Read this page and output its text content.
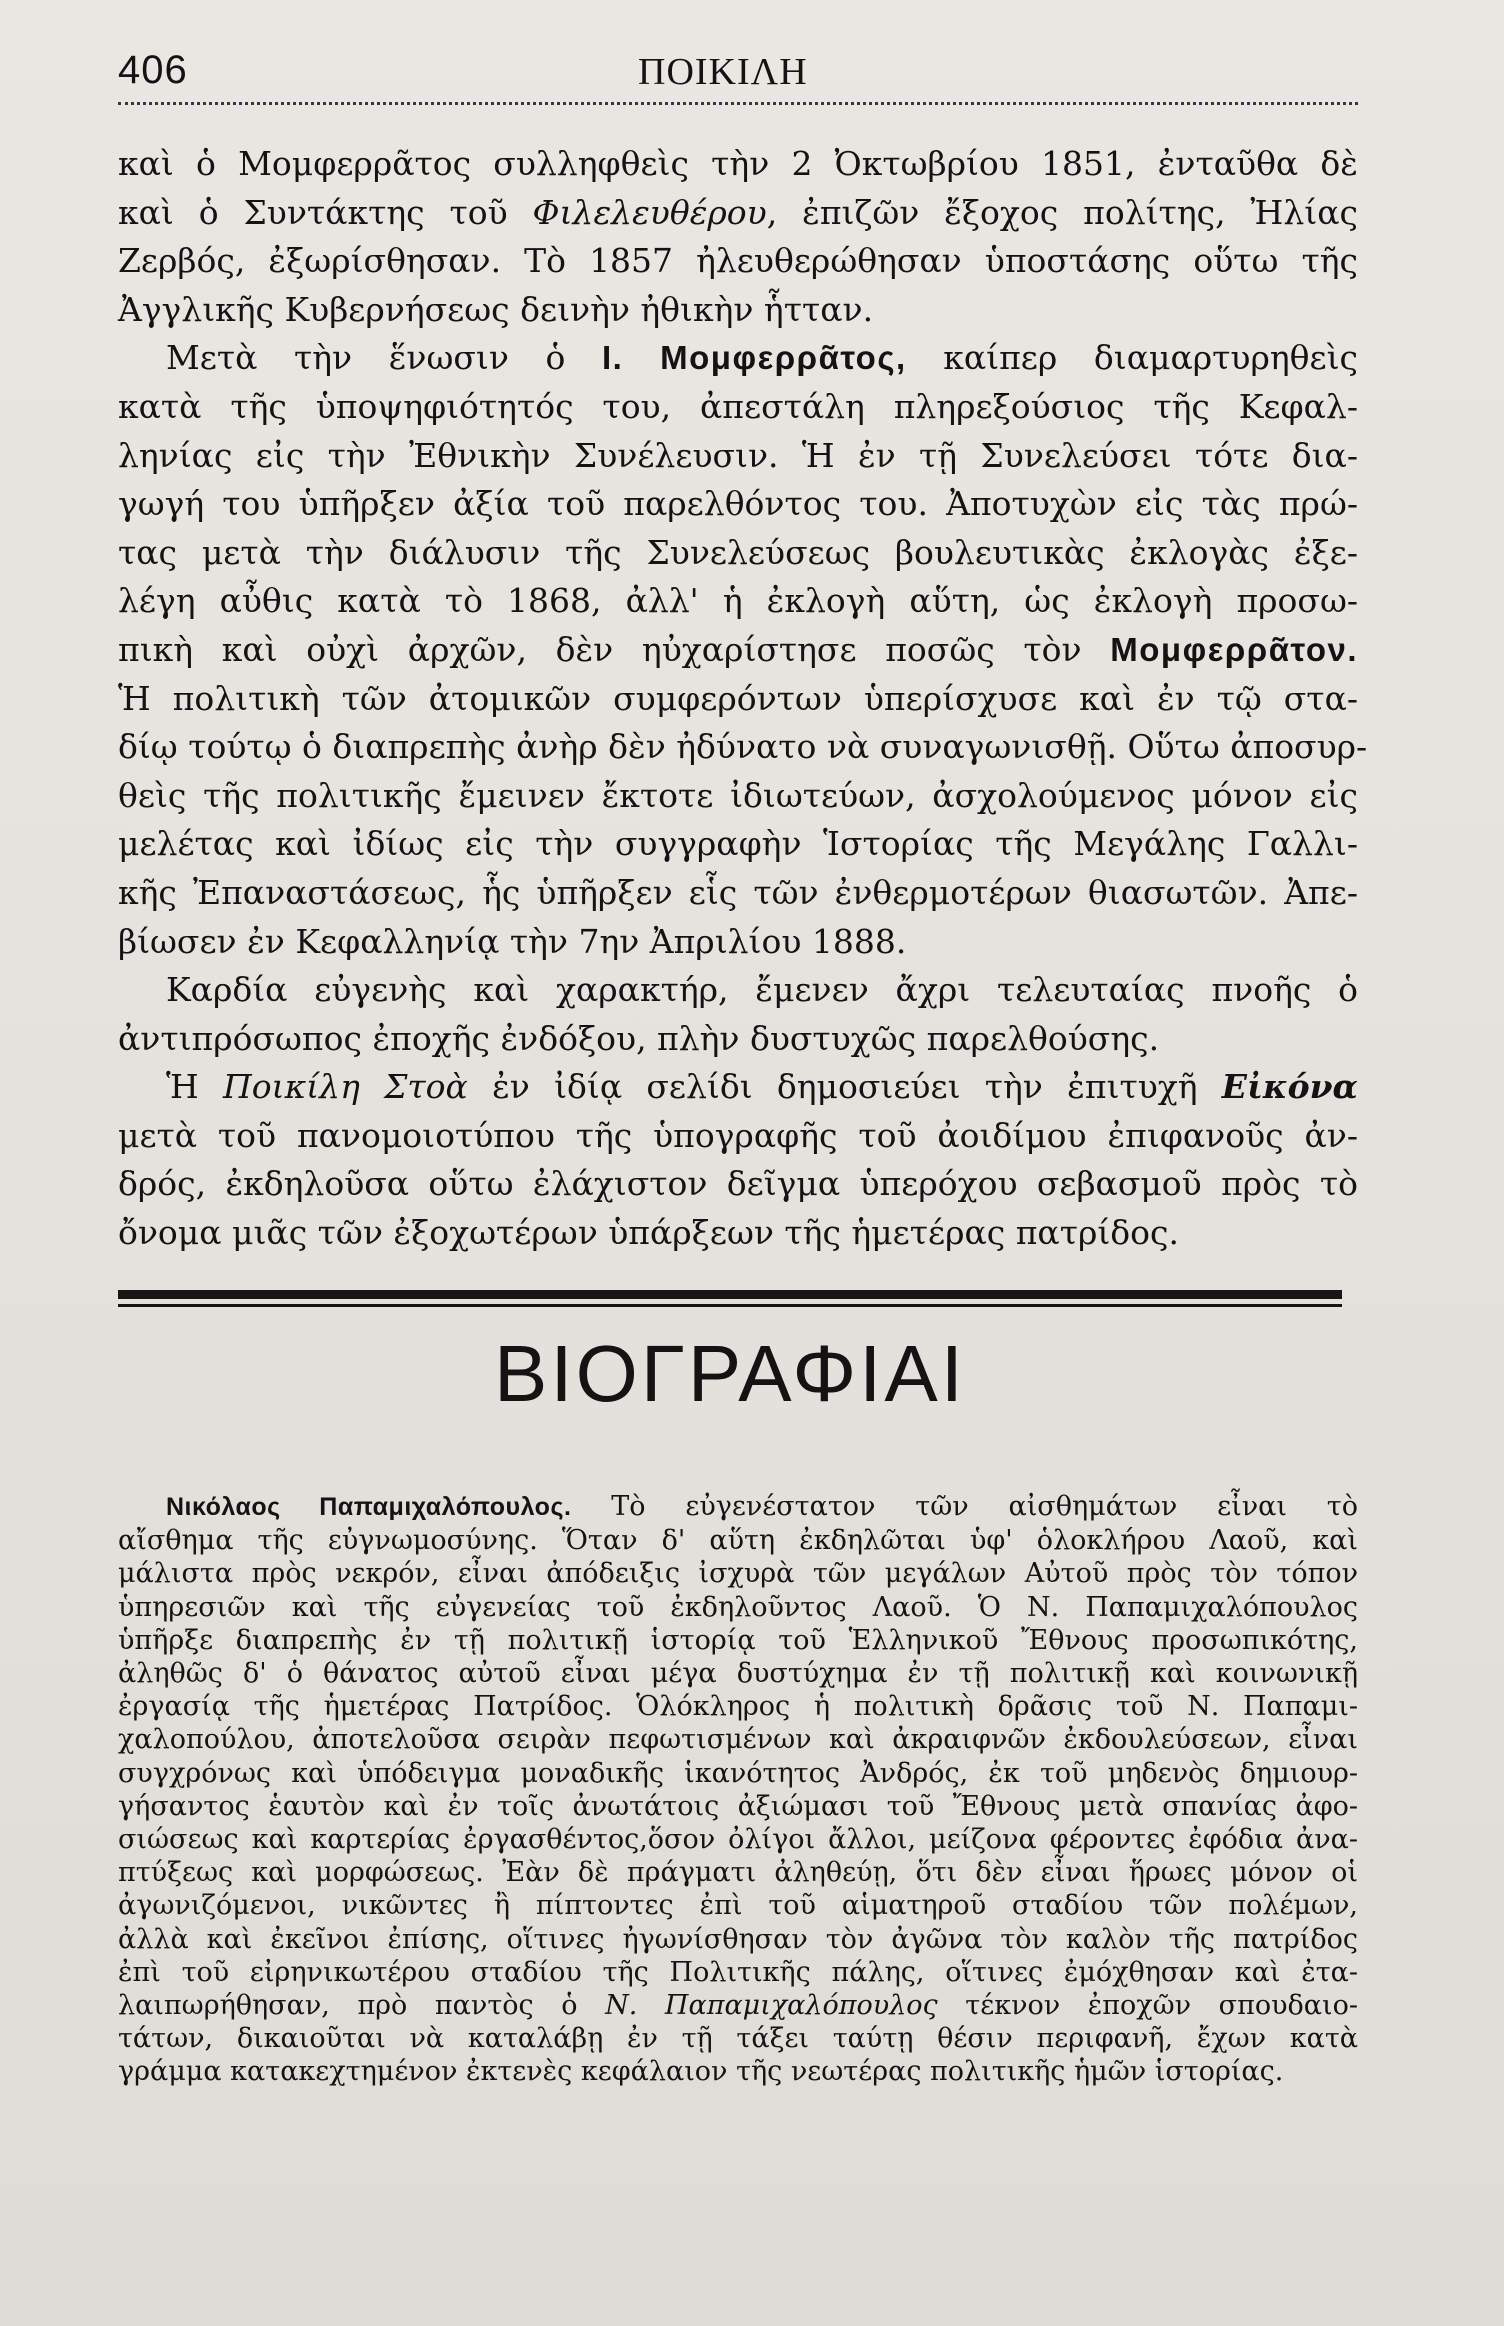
406	ΠΟΙΚΙΛΗ
καὶ ὁ Μομφερρᾶτος συλληφθεὶς τὴν 2 Ὀκτωβρίου 1851, ἐνταῦθα δὲ
καὶ ὁ Συντάκτης τοῦ Φιλελευθέρου, ἐπιζῶν ἔξοχος πολίτης, Ἠλίας
Ζερβός, ἐξωρίσθησαν. Τὸ 1857 ἠλευθερώθησαν ὑποστάσης οὕτω τῆς
Ἀγγλικῆς Κυβερνήσεως δεινὴν ἠθικὴν ἧτταν.
Μετὰ τὴν ἕνωσιν ὁ Ι. Μομφερρᾶτος, καίπερ διαμαρτυρηθεὶς
κατὰ τῆς ὑποψηφιότητός του, ἀπεστάλη πληρεξούσιος τῆς Κεφαλ-
ληνίας εἰς τὴν Ἐθνικὴν Συνέλευσιν. Ἡ ἐν τῇ Συνελεύσει τότε δια-
γωγή του ὑπῆρξεν ἀξία τοῦ παρελθόντος του. Ἀποτυχὼν εἰς τὰς πρώ-
τας μετὰ τὴν διάλυσιν τῆς Συνελεύσεως βουλευτικὰς ἐκλογὰς ἐξε-
λέγη αὖθις κατὰ τὸ 1868, ἀλλ' ἡ ἐκλογὴ αὕτη, ὡς ἐκλογὴ προσω-
πικὴ καὶ οὐχὶ ἀρχῶν, δὲν ηὐχαρίστησε ποσῶς τὸν Μομφερρᾶτον.
Ἡ πολιτικὴ τῶν ἀτομικῶν συμφερόντων ὑπερίσχυσε καὶ ἐν τῷ στα-
δίῳ τούτῳ ὁ διαπρεπὴς ἀνὴρ δὲν ἠδύνατο νὰ συναγωνισθῇ. Οὕτω ἀποσυρ-
θεὶς τῆς πολιτικῆς ἔμεινεν ἔκτοτε ἰδιωτεύων, ἀσχολούμενος μόνον εἰς
μελέτας καὶ ἰδίως εἰς τὴν συγγραφὴν Ἱστορίας τῆς Μεγάλης Γαλλι-
κῆς Ἐπαναστάσεως, ἧς ὑπῆρξεν εἷς τῶν ἐνθερμοτέρων θιασωτῶν. Ἀπε-
βίωσεν ἐν Κεφαλληνίᾳ τὴν 7ην Ἀπριλίου 1888.
Καρδία εὐγενὴς καὶ χαρακτήρ, ἔμενεν ἄχρι τελευταίας πνοῆς ὁ
ἀντιπρόσωπος ἐποχῆς ἐνδόξου, πλὴν δυστυχῶς παρελθούσης.
Ἡ Ποικίλη Στοὰ ἐν ἰδίᾳ σελίδι δημοσιεύει τὴν ἐπιτυχῆ Εἰκόνα
μετὰ τοῦ πανομοιοτύπου τῆς ὑπογραφῆς τοῦ ἀοιδίμου ἐπιφανοῦς ἀν-
δρός, ἐκδηλοῦσα οὕτω ἐλάχιστον δεῖγμα ὑπερόχου σεβασμοῦ πρὸς τὸ
ὄνομα μιᾶς τῶν ἐξοχωτέρων ὑπάρξεων τῆς ἡμετέρας πατρίδος.
ΒΙΟΓΡΑΦΙΑΙ
Νικόλαος Παπαμιχαλόπουλος. Τὸ εὐγενέστατον τῶν αἰσθημάτων εἶναι τὸ
αἴσθημα τῆς εὐγνωμοσύνης. Ὅταν δ' αὕτη ἐκδηλῶται ὑφ' ὁλοκλήρου Λαοῦ, καὶ
μάλιστα πρὸς νεκρόν, εἶναι ἀπόδειξις ἰσχυρὰ τῶν μεγάλων Αὐτοῦ πρὸς τὸν τόπον
ὑπηρεσιῶν καὶ τῆς εὐγενείας τοῦ ἐκδηλοῦντος Λαοῦ. Ὁ Ν. Παπαμιχαλόπουλος
ὑπῆρξε διαπρεπὴς ἐν τῇ πολιτικῇ ἱστορίᾳ τοῦ Ἑλληνικοῦ Ἔθνους προσωπικότης,
ἀληθῶς δ' ὁ θάνατος αὐτοῦ εἶναι μέγα δυστύχημα ἐν τῇ πολιτικῇ καὶ κοινωνικῇ
ἐργασίᾳ τῆς ἡμετέρας Πατρίδος. Ὁλόκληρος ἡ πολιτικὴ δρᾶσις τοῦ Ν. Παπαμι-
χαλοπούλου, ἀποτελοῦσα σειρὰν πεφωτισμένων καὶ ἀκραιφνῶν ἐκδουλεύσεων, εἶναι
συγχρόνως καὶ ὑπόδειγμα μοναδικῆς ἱκανότητος Ἀνδρός, ἐκ τοῦ μηδενὸς δημιουρ-
γήσαντος ἑαυτὸν καὶ ἐν τοῖς ἀνωτάτοις ἀξιώμασι τοῦ Ἔθνους μετὰ σπανίας ἀφο-
σιώσεως καὶ καρτερίας ἐργασθέντος,ὅσον ὀλίγοι ἄλλοι, μείζονα φέροντες ἐφόδια ἀνα-
πτύξεως καὶ μορφώσεως. Ἐὰν δὲ πράγματι ἀληθεύῃ, ὅτι δὲν εἶναι ἥρωες μόνον οἱ
ἀγωνιζόμενοι, νικῶντες ἢ πίπτοντες ἐπὶ τοῦ αἱματηροῦ σταδίου τῶν πολέμων,
ἀλλὰ καὶ ἐκεῖνοι ἐπίσης, οἵτινες ἠγωνίσθησαν τὸν ἀγῶνα τὸν καλὸν τῆς πατρίδος
ἐπὶ τοῦ εἰρηνικωτέρου σταδίου τῆς Πολιτικῆς πάλης, οἵτινες ἐμόχθησαν καὶ ἐτα-
λαιπωρήθησαν, πρὸ παντὸς ὁ Ν. Παπαμιχαλόπουλος τέκνον ἐποχῶν σπουδαιο-
τάτων, δικαιοῦται νὰ καταλάβῃ ἐν τῇ τάξει ταύτῃ θέσιν περιφανῆ, ἔχων κατὰ
γράμμα κατακεχτημένον ἐκτενὲς κεφάλαιον τῆς νεωτέρας πολιτικῆς ἡμῶν ἱστορίας.
